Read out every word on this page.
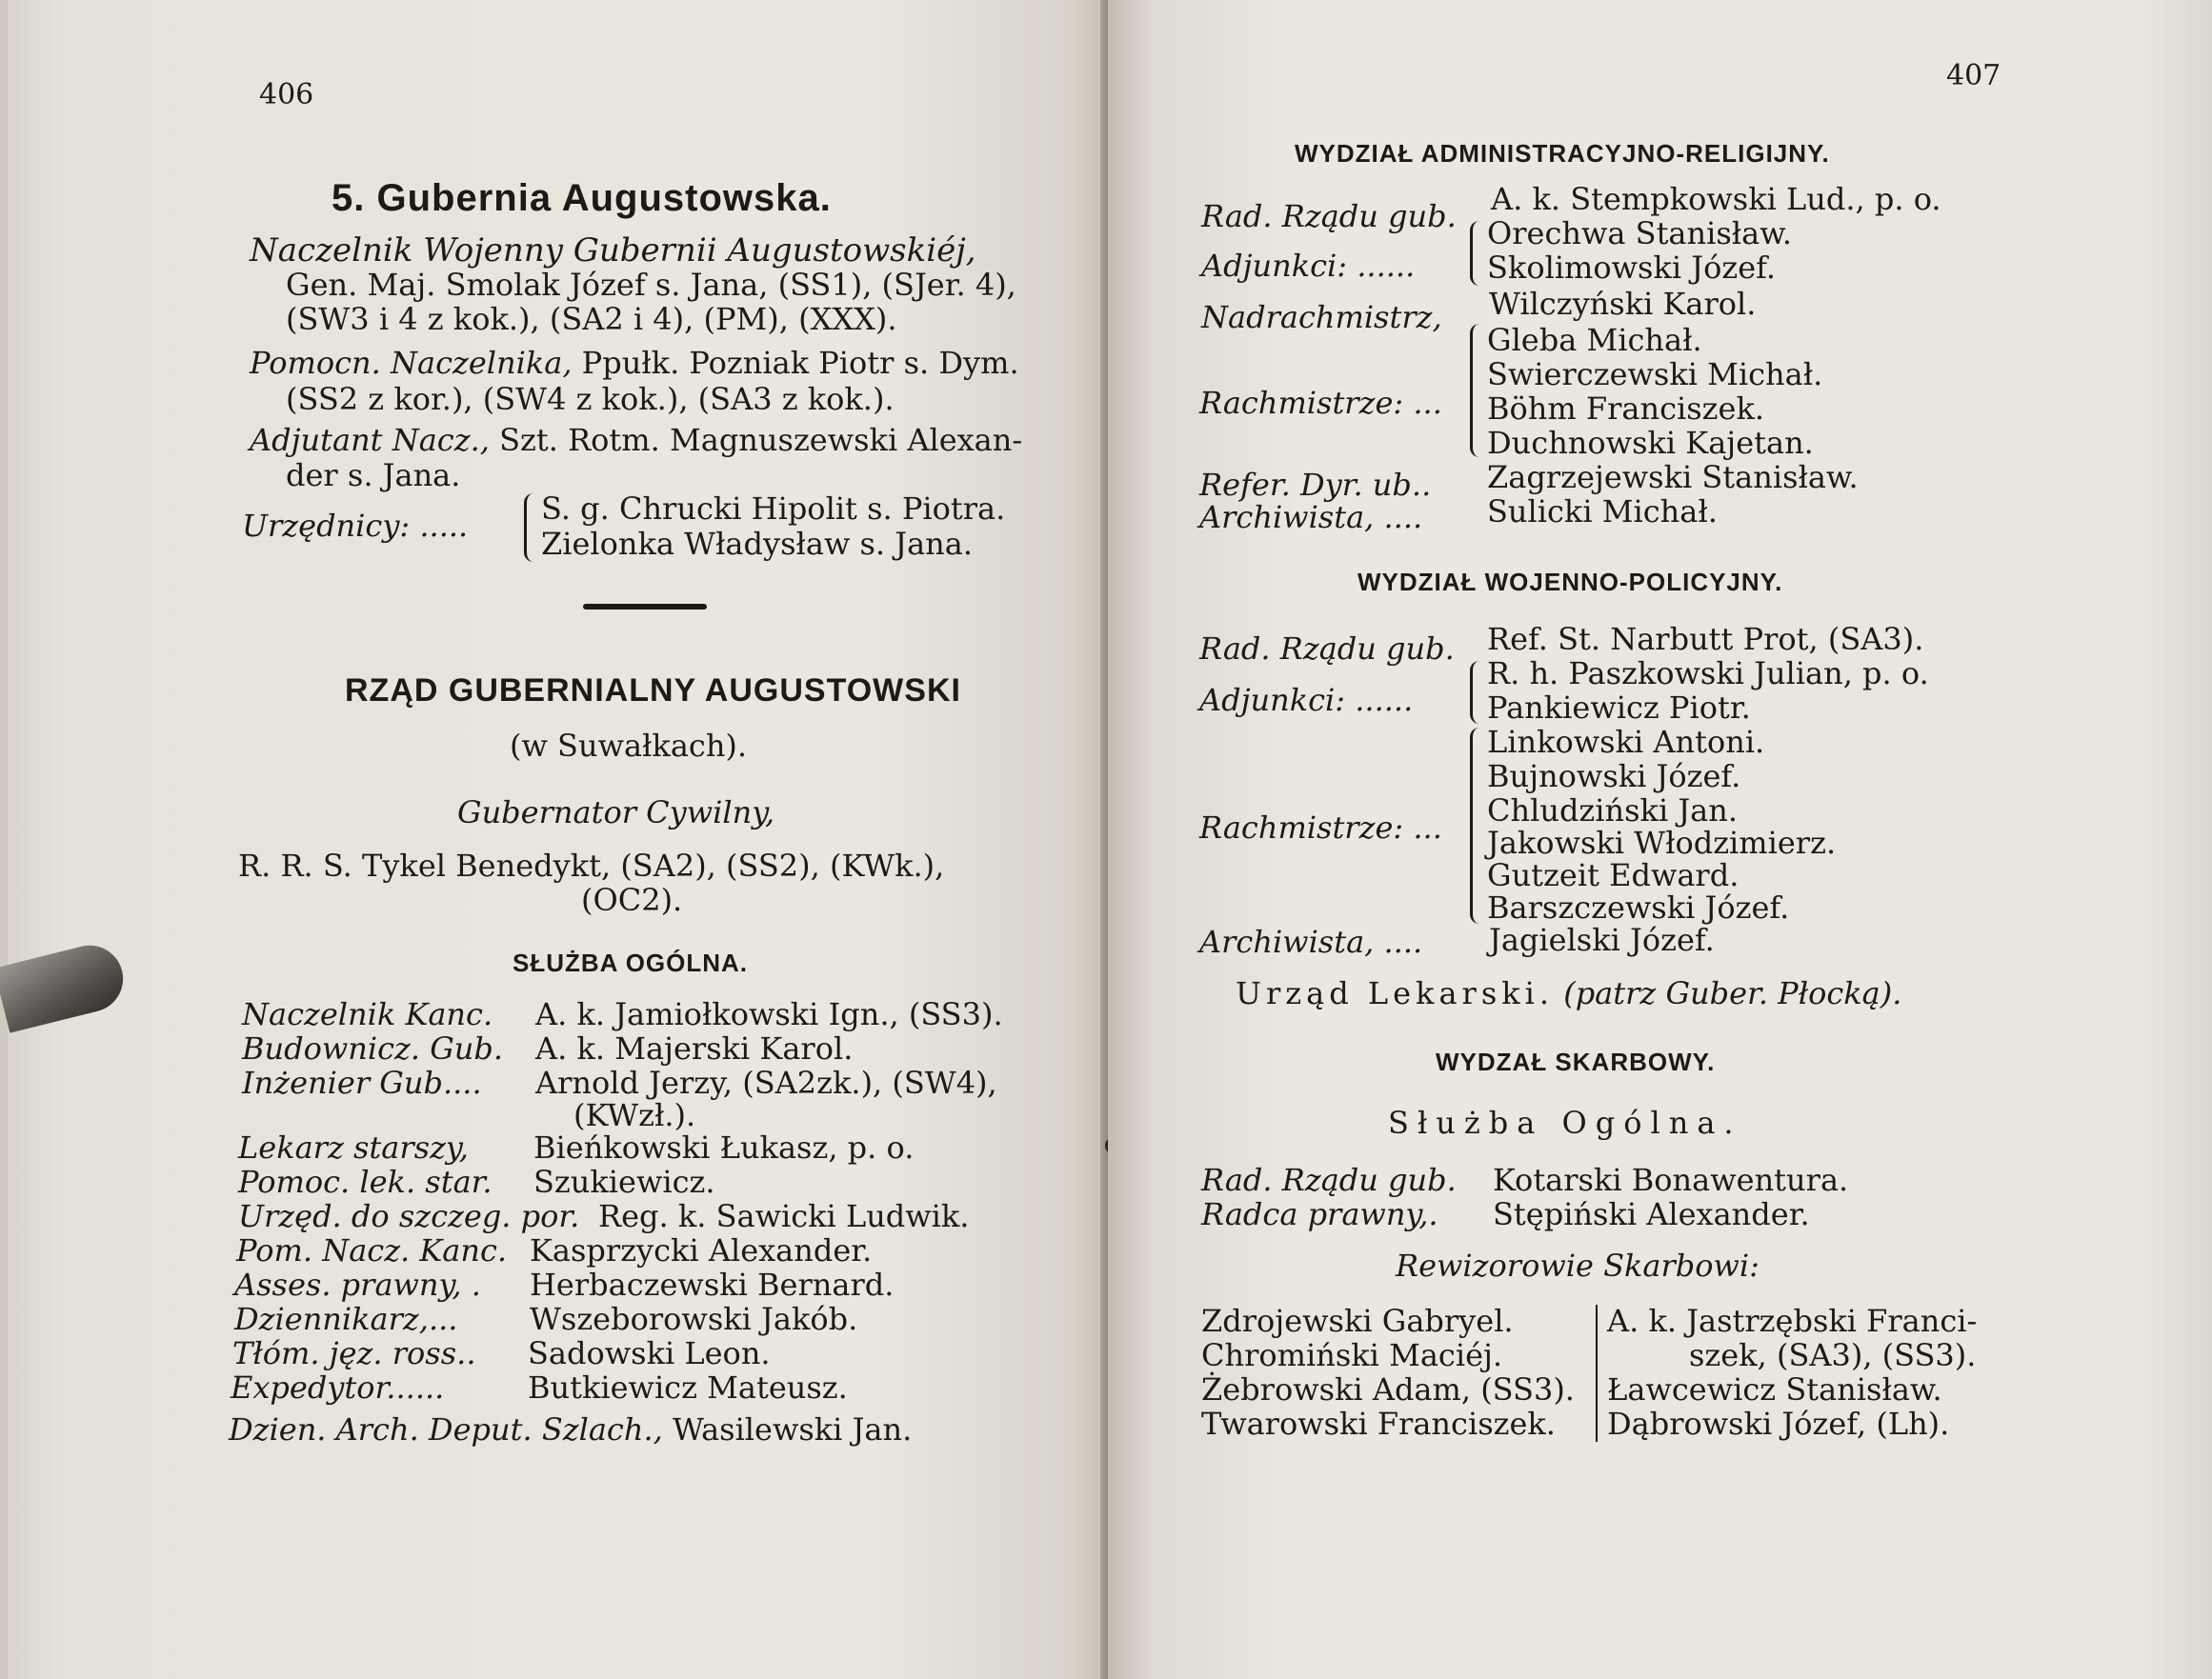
406
5. Gubernia Augustowska.
Naczelnik Wojenny Gubernii Augustowskiéj,
Gen. Maj. Smolak Józef s. Jana, (SS1), (SJer. 4),
(SW3 i 4 z kok.), (SA2 i 4), (PM), (XXX).
Pomocn. Naczelnika, Ppułk. Pozniak Piotr s. Dym.
(SS2 z kor.), (SW4 z kok.), (SA3 z kok.).
Adjutant Nacz., Szt. Rotm. Magnuszewski Alexan-
der s. Jana.
Urzędnicy: ..... S. g. Chrucki Hipolit s. Piotra.
Zielonka Władysław s. Jana.
RZĄD GUBERNIALNY AUGUSTOWSKI
(w Suwałkach).
Gubernator Cywilny,
R. R. S. Tykel Benedykt, (SA2), (SS2), (KWk.),
(OC2).
SŁUŻBA OGÓLNA.
Naczelnik Kanc. A. k. Jamiołkowski Ign., (SS3).
Budownicz. Gub. A. k. Majerski Karol.
Inżenier Gub.... Arnold Jerzy, (SA2zk.), (SW4),
(KWzł.).
Lekarz starszy, Bieńkowski Łukasz, p. o.
Pomoc. lek. star. Szukiewicz.
Urzęd. do szczeg. por. Reg. k. Sawicki Ludwik.
Pom. Nacz. Kanc. Kasprzycki Alexander.
Asses. prawny, . Herbaczewski Bernard.
Dziennikarz,... Wszeborowski Jakób.
Tłóm. jęz. ross.. Sadowski Leon.
Expedytor......	Butkiewicz Mateusz.
Dzien. Arch. Deput. Szlach., Wasilewski Jan.
407
WYDZIAŁ ADMINISTRACYJNO-RELIGIJNY.
Rad. Rządu gub. A. k. Stempkowski Lud., p. o.
Adjunkci: ......
Orechwa Stanisław.
Skolimowski Józef.
Nadrachmistrz, Wilczyński Karol.
Rachmistrze: ...
Gleba Michał.
Swierczewski Michał.
Böhm Franciszek.
Duchnowski Kajetan.
Refer. Dyr. ub.. Zagrzejewski Stanisław.
Archiwista, .... Sulicki Michał.
WYDZIAŁ WOJENNO-POLICYJNY.
Rad. Rządu gub. Ref. St. Narbutt Prot, (SA3).
Adjunkci: ......
R. h. Paszkowski Julian, p. o.
Pankiewicz Piotr.
Rachmistrze: ...
Linkowski Antoni.
Bujnowski Józef.
Chludziński Jan.
Jakowski Włodzimierz.
Gutzeit Edward.
Barszczewski Józef.
Archiwista, .... Jagielski Józef.
Urząd Lekarski. (patrz Guber. Płocką).
WYDZAŁ SKARBOWY.
Służba Ogólna.
Rad. Rządu gub. Kotarski Bonawentura.
Radca prawny,. Stępiński Alexander.
Rewizorowie Skarbowi:
Zdrojewski Gabryel.
Chromiński Maciéj.
Żebrowski Adam, (SS3).
Twarowski Franciszek.
A. k. Jastrzębski Franci-
szek, (SA3), (SS3).
Ławcewicz Stanisław.
Dąbrowski Józef, (Lh).
